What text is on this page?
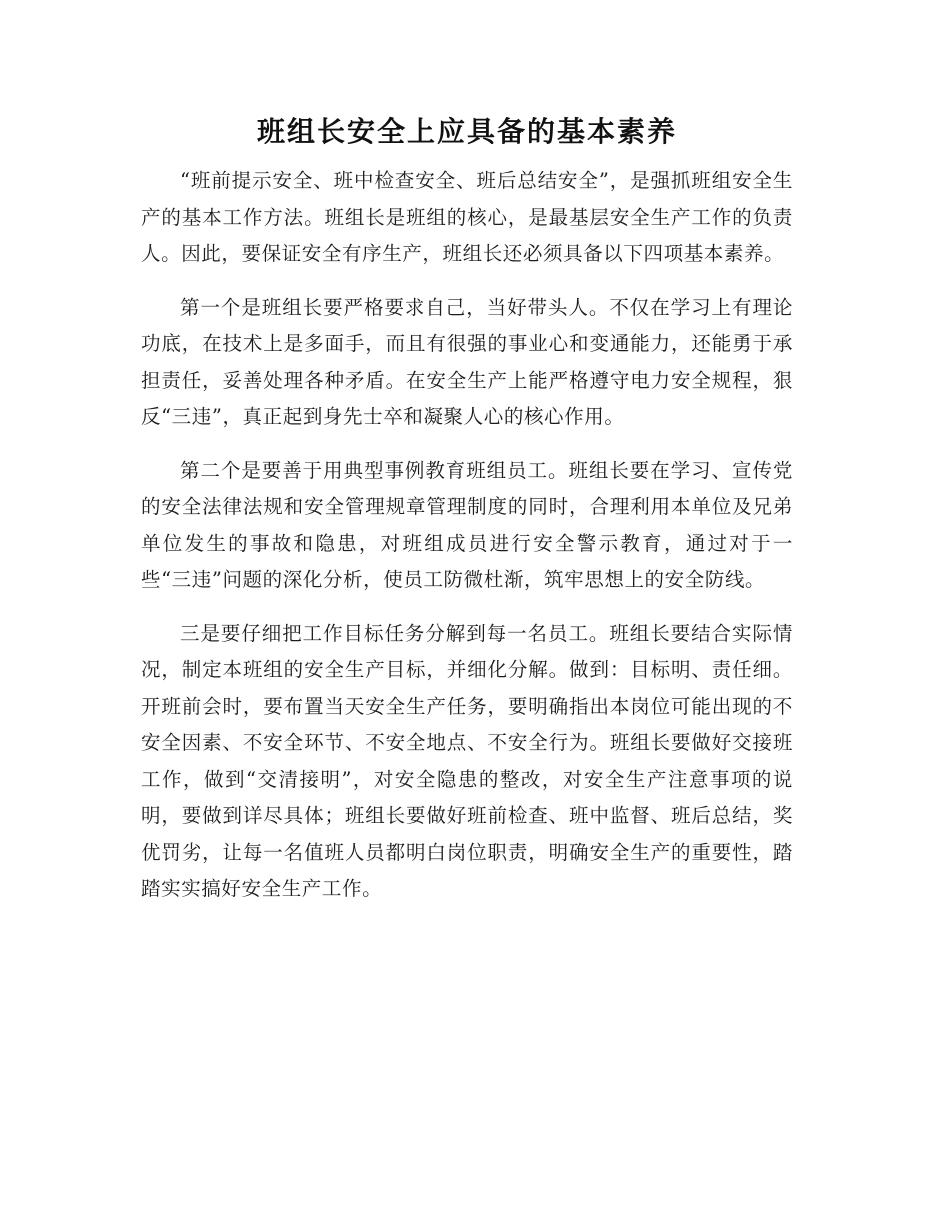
班组长安全上应具备的基本素养

“班前提示安全、班中检查安全、班后总结安全”，是强抓班组安全生产的基本工作方法。班组长是班组的核心，是最基层安全生产工作的负责人。因此，要保证安全有序生产，班组长还必须具备以下四项基本素养。

第一个是班组长要严格要求自己，当好带头人。不仅在学习上有理论功底，在技术上是多面手，而且有很强的事业心和变通能力，还能勇于承担责任，妥善处理各种矛盾。在安全生产上能严格遵守电力安全规程，狠反“三违”，真正起到身先士卒和凝聚人心的核心作用。

第二个是要善于用典型事例教育班组员工。班组长要在学习、宣传党的安全法律法规和安全管理规章管理制度的同时，合理利用本单位及兄弟单位发生的事故和隐患，对班组成员进行安全警示教育，通过对于一些“三违”问题的深化分析，使员工防微杜渐，筑牢思想上的安全防线。

三是要仔细把工作目标任务分解到每一名员工。班组长要结合实际情况，制定本班组的安全生产目标，并细化分解。做到：目标明、责任细。开班前会时，要布置当天安全生产任务，要明确指出本岗位可能出现的不安全因素、不安全环节、不安全地点、不安全行为。班组长要做好交接班工作，做到“交清接明”，对安全隐患的整改，对安全生产注意事项的说明，要做到详尽具体；班组长要做好班前检查、班中监督、班后总结，奖优罚劣，让每一名值班人员都明白岗位职责，明确安全生产的重要性，踏踏实实搞好安全生产工作。
